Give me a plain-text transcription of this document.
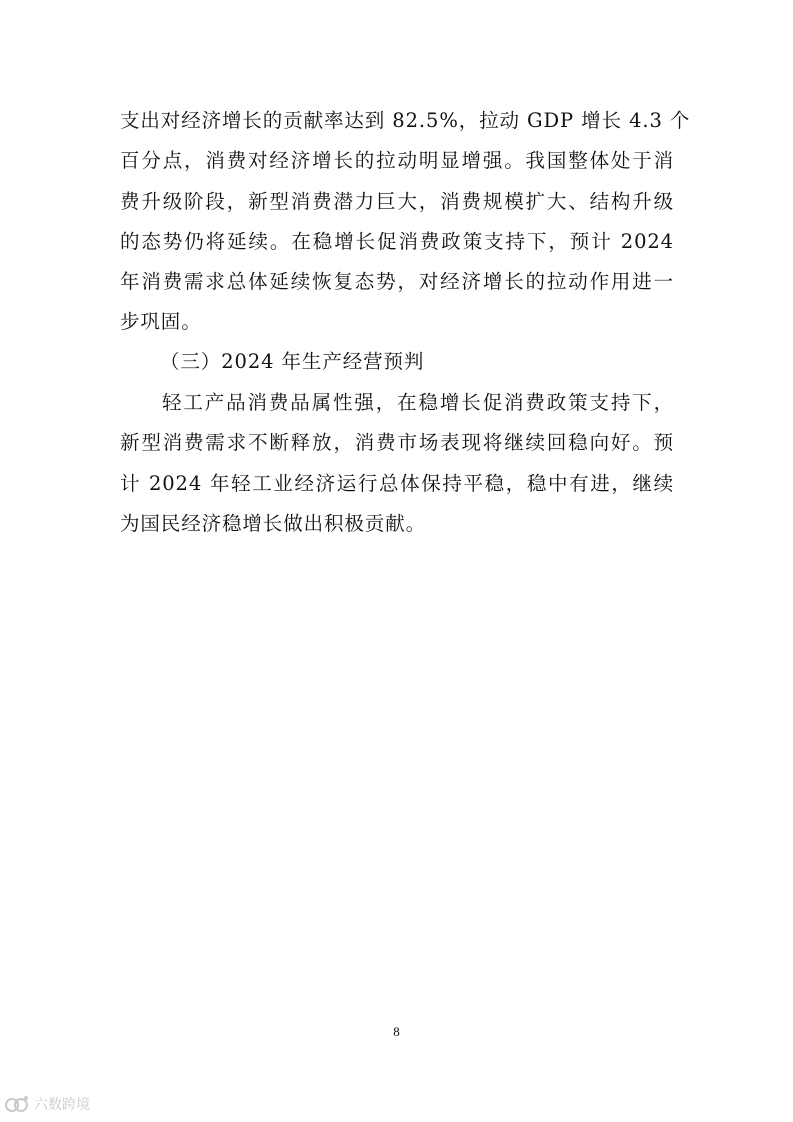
支出对经济增长的贡献率达到 82.5%，拉动 GDP 增长 4.3 个
百分点，消费对经济增长的拉动明显增强。我国整体处于消
费升级阶段，新型消费潜力巨大，消费规模扩大、结构升级
的态势仍将延续。在稳增长促消费政策支持下，预计 2024
年消费需求总体延续恢复态势，对经济增长的拉动作用进一
步巩固。
（三）2024 年生产经营预判
轻工产品消费品属性强，在稳增长促消费政策支持下，
新型消费需求不断释放，消费市场表现将继续回稳向好。预
计 2024 年轻工业经济运行总体保持平稳，稳中有进，继续
为国民经济稳增长做出积极贡献。
8
六数跨境
